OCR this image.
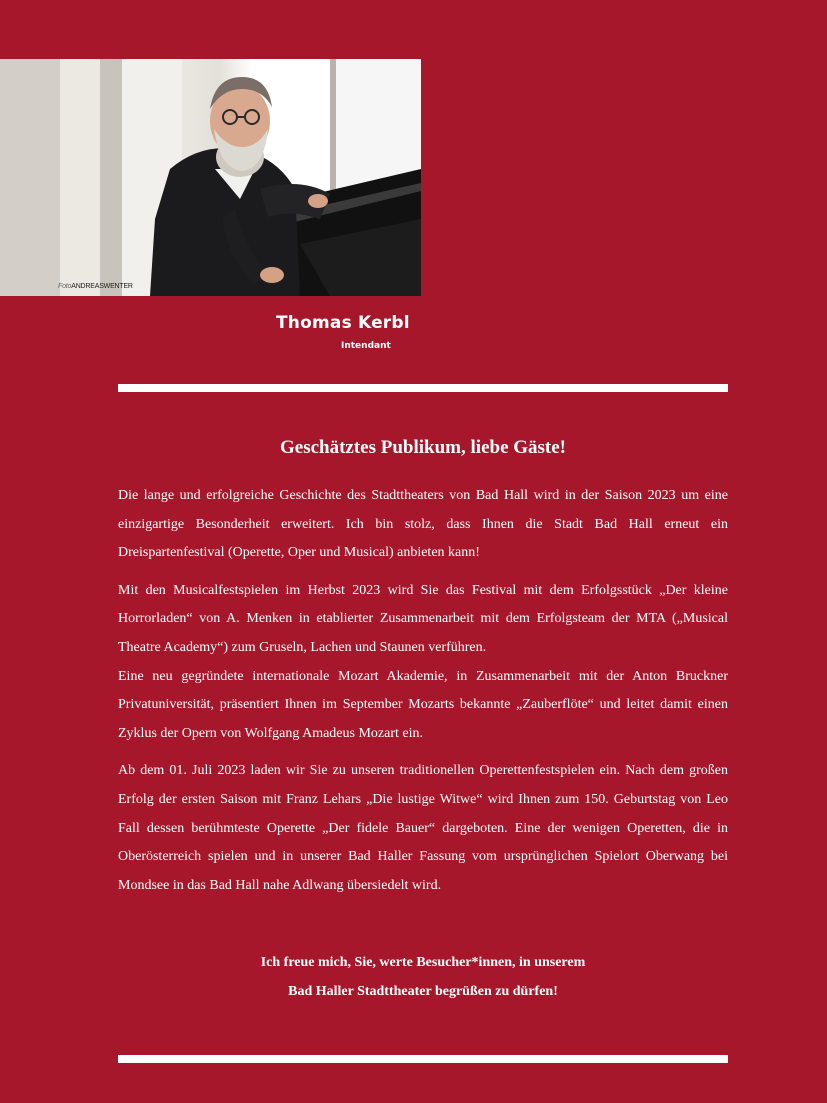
FotoANDREASWENTER
Thomas Kerbl
Intendant
Geschätztes Publikum, liebe Gäste!

Die lange und erfolgreiche Geschichte des Stadttheaters von Bad Hall wird in der Saison 2023 um eine einzigartige Besonderheit erweitert. Ich bin stolz, dass Ihnen die Stadt Bad Hall erneut ein Dreispartenfestival (Operette, Oper und Musical) anbieten kann!

Mit den Musicalfestspielen im Herbst 2023 wird Sie das Festival mit dem Erfolgsstück „Der kleine Horrorladen“ von A. Menken in etablierter Zusammenarbeit mit dem Erfolgsteam der MTA („Musical Theatre Academy“) zum Gruseln, Lachen und Staunen verführen.

Eine neu gegründete internationale Mozart Akademie, in Zusammenarbeit mit der Anton Bruckner Privatuniversität, präsentiert Ihnen im September Mozarts bekannte „Zauberflöte“ und leitet damit einen Zyklus der Opern von Wolfgang Amadeus Mozart ein.

Ab dem 01. Juli 2023 laden wir Sie zu unseren traditionellen Operettenfestspielen ein. Nach dem großen Erfolg der ersten Saison mit Franz Lehars „Die lustige Witwe“ wird Ihnen zum 150. Geburtstag von Leo Fall dessen berühmteste Operette „Der fidele Bauer“ dargeboten. Eine der wenigen Operetten, die in Oberösterreich spielen und in unserer Bad Haller Fassung vom ursprünglichen Spielort Oberwang bei Mondsee in das Bad Hall nahe Adlwang übersiedelt wird.

Ich freue mich, Sie, werte Besucher*innen, in unserem
Bad Haller Stadttheater begrüßen zu dürfen!
